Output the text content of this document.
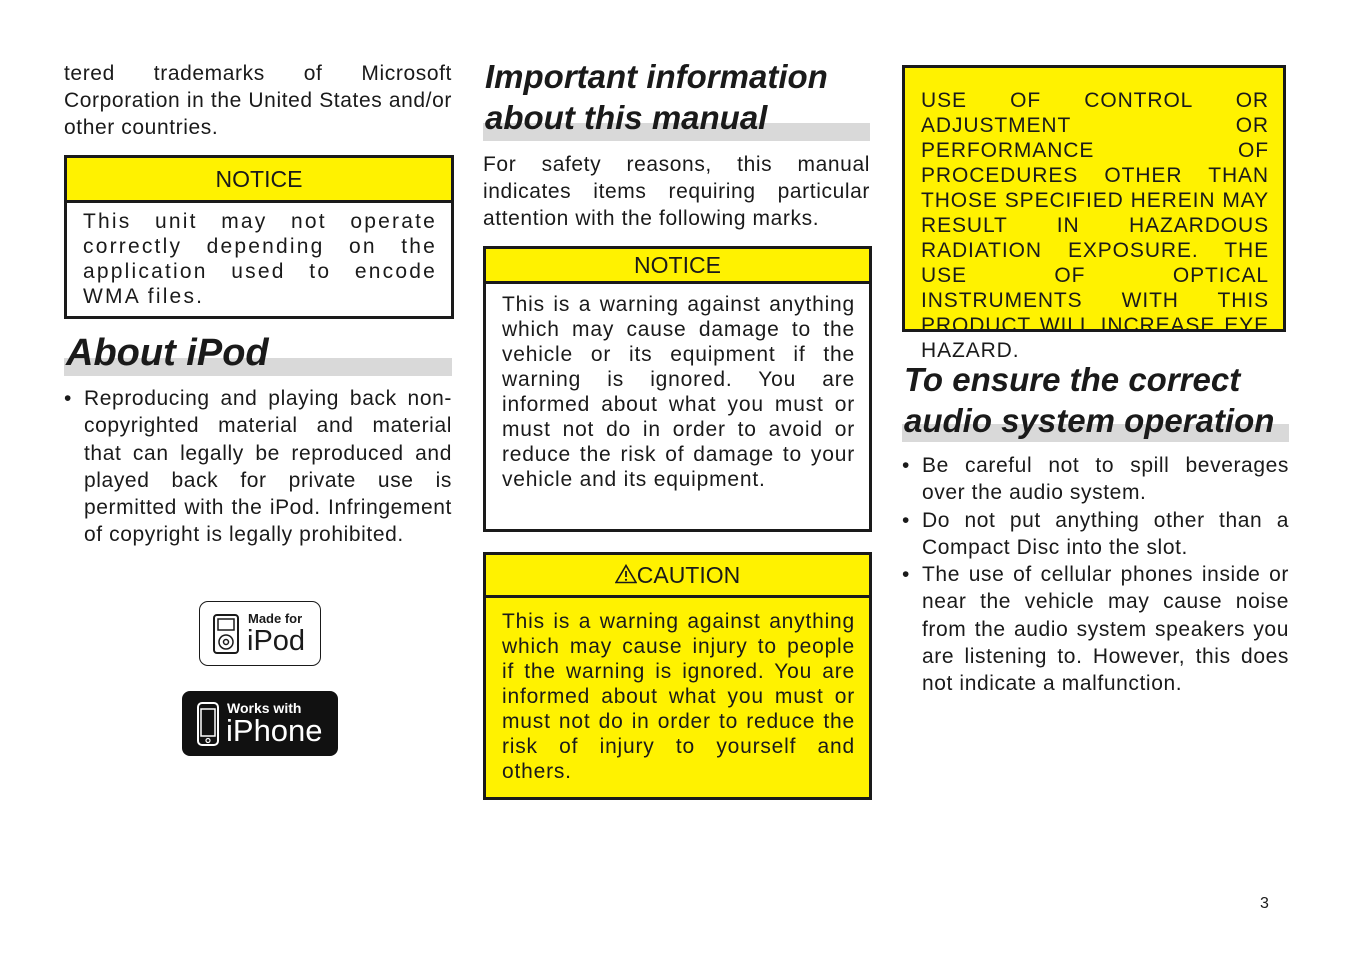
tered trademarks of Microsoft Corporation in the United States and/or other countries.

NOTICE
This unit may not operate correctly depending on the application used to encode WMA files.
About iPod
• Reproducing and playing back non-copyrighted material and material that can legally be reproduced and played back for private use is permitted with the iPod. Infringement of copyright is legally prohibited.
Made for
iPod
Works with
iPhone
Important information
about this manual

For safety reasons, this manual indicates items requiring particular attention with the following marks.

NOTICE
This is a warning against anything which may cause damage to the vehicle or its equipment if the warning is ignored. You are informed about what you must or must not do in order to avoid or reduce the risk of damage to your vehicle and its equipment.
CAUTION
This is a warning against anything which may cause injury to people if the warning is ignored. You are informed about what you must or must not do in order to reduce the risk of injury to yourself and others.
USE OF CONTROL OR ADJUSTMENT OR PERFORMANCE OF PROCEDURES OTHER THAN THOSE SPECIFIED HEREIN MAY RESULT IN HAZARDOUS RADIATION EXPOSURE. THE USE OF OPTICAL INSTRUMENTS WITH THIS PRODUCT WILL INCREASE EYE HAZARD.
To ensure the correct
audio system operation
• Be careful not to spill beverages over the audio system.
• Do not put anything other than a Compact Disc into the slot.
• The use of cellular phones inside or near the vehicle may cause noise from the audio system speakers you are listening to. However, this does not indicate a malfunction.
3
